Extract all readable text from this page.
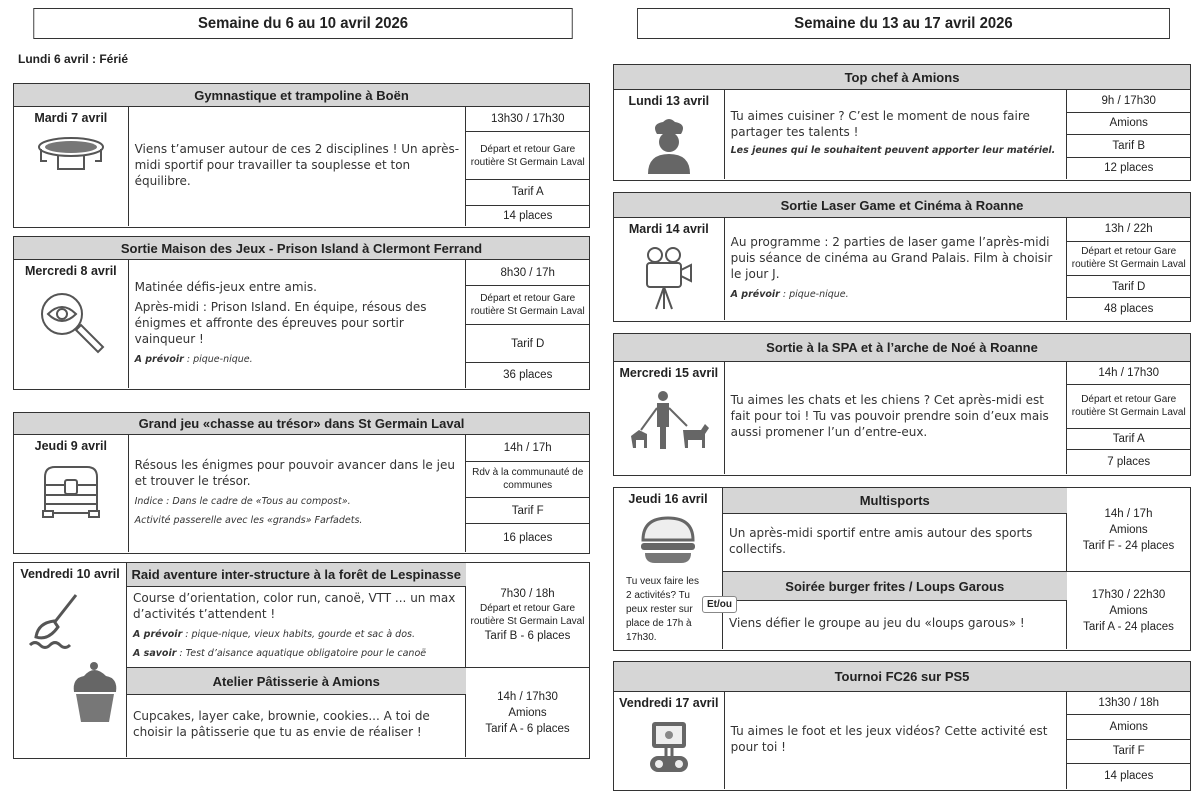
Semaine du 6 au 10 avril 2026	Semaine du 13 au 17 avril 2026
Lundi 6 avril : Férié
Gymnastique et trampoline à Boën
Mardi 7 avril

Viens t’amuser autour de ces 2 disciplines ! Un après-midi sportif pour travailler ta souplesse et ton équilibre.

13h30 / 17h30
Départ et retour Gare routière St Germain Laval
Tarif A
14 places
Sortie Maison des Jeux - Prison Island à Clermont Ferrand
Mercredi 8 avril

Matinée défis-jeux entre amis.

Après-midi : Prison Island. En équipe, résous des énigmes et affronte des épreuves pour sortir vainqueur !

A prévoir : pique-nique.

8h30 / 17h
Départ et retour Gare routière St Germain Laval
Tarif D
36 places
Grand jeu «chasse au trésor» dans St Germain Laval
Jeudi 9 avril

Résous les énigmes pour pouvoir avancer dans le jeu et trouver le trésor.

Indice : Dans le cadre de «Tous au compost».

Activité passerelle avec les «grands» Farfadets.

14h / 17h
Rdv à la communauté de communes
Tarif F
16 places
Vendredi 10 avril Raid aventure inter-structure à la forêt de Lespinasse

Course d’orientation, color run, canoë, VTT ... un max d’activités t’attendent !

A prévoir : pique-nique, vieux habits, gourde et sac à dos.

A savoir : Test d’aisance aquatique obligatoire pour le canoë

7h30 / 18h
Départ et retour Gare routière St Germain Laval
Tarif B - 6 places
Atelier Pâtisserie à Amions

Cupcakes, layer cake, brownie, cookies... A toi de choisir la pâtisserie que tu as envie de réaliser !

14h / 17h30
Amions
Tarif A - 6 places
Top chef à Amions
Lundi 13 avril

Tu aimes cuisiner ? C’est le moment de nous faire partager tes talents !

Les jeunes qui le souhaitent peuvent apporter leur matériel.

9h / 17h30
Amions
Tarif B
12 places
Sortie Laser Game et Cinéma à Roanne
Mardi 14 avril

Au programme : 2 parties de laser game l’après-midi puis séance de cinéma au Grand Palais. Film à choisir le jour J.

A prévoir : pique-nique.

13h / 22h
Départ et retour Gare routière St Germain Laval
Tarif D
48 places
Sortie à la SPA et à l’arche de Noé à Roanne
Mercredi 15 avril

Tu aimes les chats et les chiens ? Cet après-midi est fait pour toi ! Tu vas pouvoir prendre soin d’eux mais aussi promener l’un d’entre-eux.

14h / 17h30
Départ et retour Gare routière St Germain Laval
Tarif A
7 places
Jeudi 16 avril
Tu veux faire les 2 activités? Tu peux rester sur place de 17h à 17h30.
Et/ou
Multisports

Un après-midi sportif entre amis autour des sports collectifs.

14h / 17h
Amions
Tarif F - 24 places
Soirée burger frites / Loups Garous

Viens défier le groupe au jeu du «loups garous» !

17h30 / 22h30
Amions
Tarif A - 24 places
Tournoi FC26 sur PS5
Vendredi 17 avril

Tu aimes le foot et les jeux vidéos? Cette activité est pour toi !

13h30 / 18h
Amions
Tarif F
14 places
